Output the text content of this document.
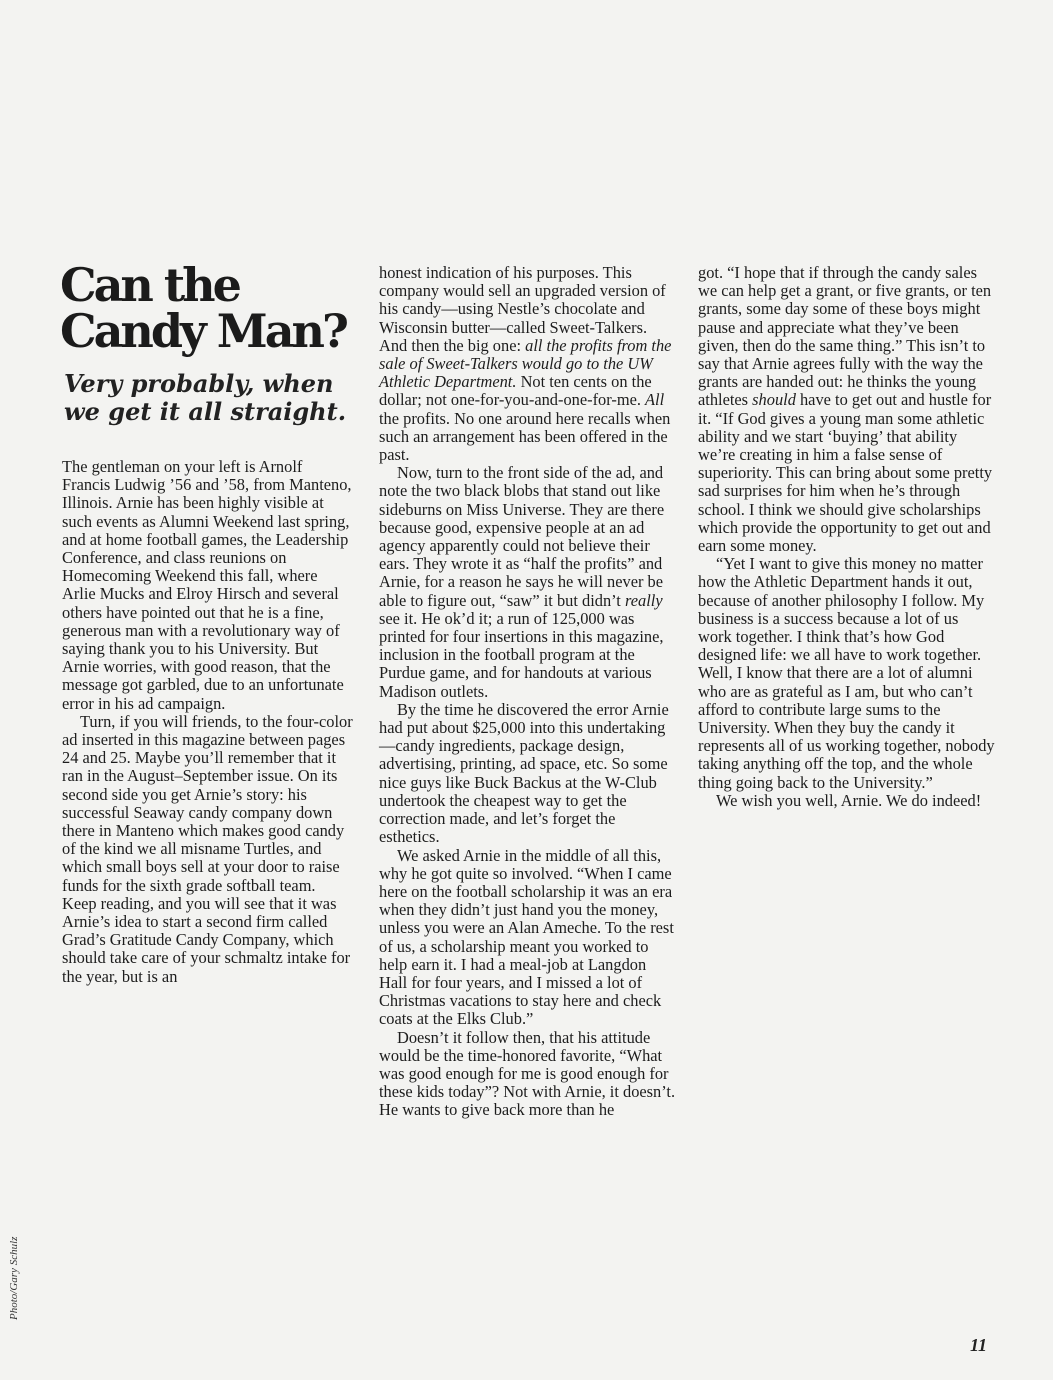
Can the
Candy Man?
Very probably, when we get it all straight.

The gentleman on your left is Arnolf Francis Ludwig ’56 and ’58, from Manteno, Illinois. Arnie has been highly visible at such events as Alumni Weekend last spring, and at home football games, the Leadership Conference, and class reunions on Homecoming Weekend this fall, where Arlie Mucks and Elroy Hirsch and several others have pointed out that he is a fine, generous man with a revolutionary way of saying thank you to his University. But Arnie worries, with good reason, that the message got garbled, due to an unfortunate error in his ad campaign.

Turn, if you will friends, to the four-color ad inserted in this magazine between pages 24 and 25. Maybe you’ll remember that it ran in the August–September issue. On its second side you get Arnie’s story: his successful Seaway candy company down there in Manteno which makes good candy of the kind we all misname Turtles, and which small boys sell at your door to raise funds for the sixth grade softball team. Keep reading, and you will see that it was Arnie’s idea to start a second firm called Grad’s Gratitude Candy Company, which should take care of your schmaltz intake for the year, but is an

honest indication of his purposes. This company would sell an upgraded version of his candy—using Nestle’s chocolate and Wisconsin butter—called Sweet-Talkers. And then the big one: all the profits from the sale of Sweet-Talkers would go to the UW Athletic Department. Not ten cents on the dollar; not one-for-you-and-one-for-me. All the profits. No one around here recalls when such an arrangement has been offered in the past.

Now, turn to the front side of the ad, and note the two black blobs that stand out like sideburns on Miss Universe. They are there because good, expensive people at an ad agency apparently could not believe their ears. They wrote it as “half the profits” and Arnie, for a reason he says he will never be able to figure out, “saw” it but didn’t really see it. He ok’d it; a run of 125,000 was printed for four insertions in this magazine, inclusion in the football program at the Purdue game, and for handouts at various Madison outlets.

By the time he discovered the error Arnie had put about $25,000 into this undertaking—candy ingredients, package design, advertising, printing, ad space, etc. So some nice guys like Buck Backus at the W-Club undertook the cheapest way to get the correction made, and let’s forget the esthetics.

We asked Arnie in the middle of all this, why he got quite so involved. “When I came here on the football scholarship it was an era when they didn’t just hand you the money, unless you were an Alan Ameche. To the rest of us, a scholarship meant you worked to help earn it. I had a meal-job at Langdon Hall for four years, and I missed a lot of Christmas vacations to stay here and check coats at the Elks Club.”

Doesn’t it follow then, that his attitude would be the time-honored favorite, “What was good enough for me is good enough for these kids today”? Not with Arnie, it doesn’t. He wants to give back more than he

got. “I hope that if through the candy sales we can help get a grant, or five grants, or ten grants, some day some of these boys might pause and appreciate what they’ve been given, then do the same thing.” This isn’t to say that Arnie agrees fully with the way the grants are handed out: he thinks the young athletes should have to get out and hustle for it. “If God gives a young man some athletic ability and we start ‘buying’ that ability we’re creating in him a false sense of superiority. This can bring about some pretty sad surprises for him when he’s through school. I think we should give scholarships which provide the opportunity to get out and earn some money.

“Yet I want to give this money no matter how the Athletic Department hands it out, because of another philosophy I follow. My business is a success because a lot of us work together. I think that’s how God designed life: we all have to work together. Well, I know that there are a lot of alumni who are as grateful as I am, but who can’t afford to contribute large sums to the University. When they buy the candy it represents all of us working together, nobody taking anything off the top, and the whole thing going back to the University.”

We wish you well, Arnie. We do indeed!

Photo/Gary Schulz
11
